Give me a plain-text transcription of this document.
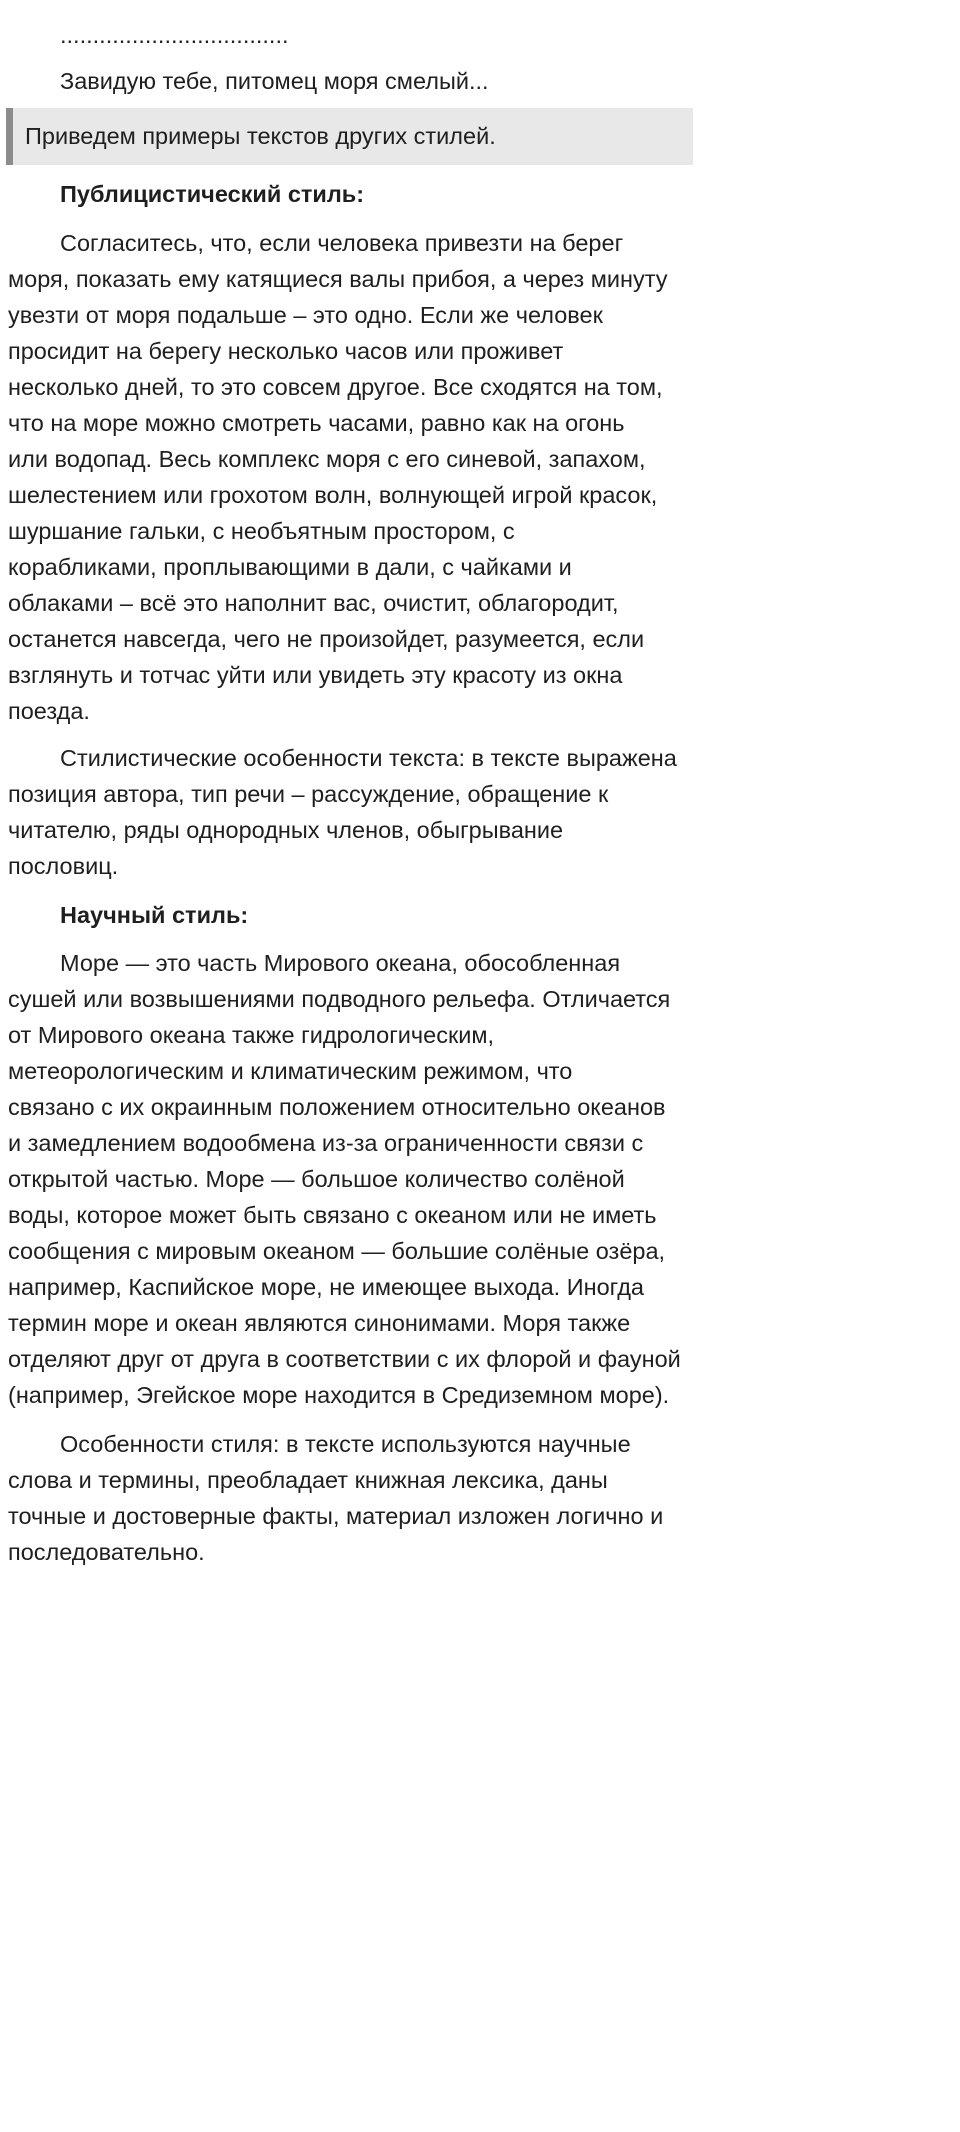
...................................
Завидую тебе, питомец моря смелый...
Приведем примеры текстов других стилей.
Публицистический стиль:
Согласитесь, что, если человека привезти на берег
моря, показать ему катящиеся валы прибоя, а через минуту
увезти от моря подальше – это одно. Если же человек
просидит на берегу несколько часов или проживет
несколько дней, то это совсем другое. Все сходятся на том,
что на море можно смотреть часами, равно как на огонь
или водопад. Весь комплекс моря с его синевой, запахом,
шелестением или грохотом волн, волнующей игрой красок,
шуршание гальки, с необъятным простором, с
корабликами, проплывающими в дали, с чайками и
облаками – всё это наполнит вас, очистит, облагородит,
останется навсегда, чего не произойдет, разумеется, если
взглянуть и тотчас уйти или увидеть эту красоту из окна
поезда.
Стилистические особенности текста: в тексте выражена
позиция автора, тип речи – рассуждение, обращение к
читателю, ряды однородных членов, обыгрывание
пословиц.
Научный стиль:
Море — это часть Мирового океана, обособленная
сушей или возвышениями подводного рельефа. Отличается
от Мирового океана также гидрологическим,
метеорологическим и климатическим режимом, что
связано с их окраинным положением относительно океанов
и замедлением водообмена из-за ограниченности связи с
открытой частью. Море — большое количество солёной
воды, которое может быть связано с океаном или не иметь
сообщения с мировым океаном — большие солёные озёра,
например, Каспийское море, не имеющее выхода. Иногда
термин море и океан являются синонимами. Моря также
отделяют друг от друга в соответствии с их флорой и фауной
(например, Эгейское море находится в Средиземном море).
Особенности стиля: в тексте используются научные
слова и термины, преобладает книжная лексика, даны
точные и достоверные факты, материал изложен логично и
последовательно.
